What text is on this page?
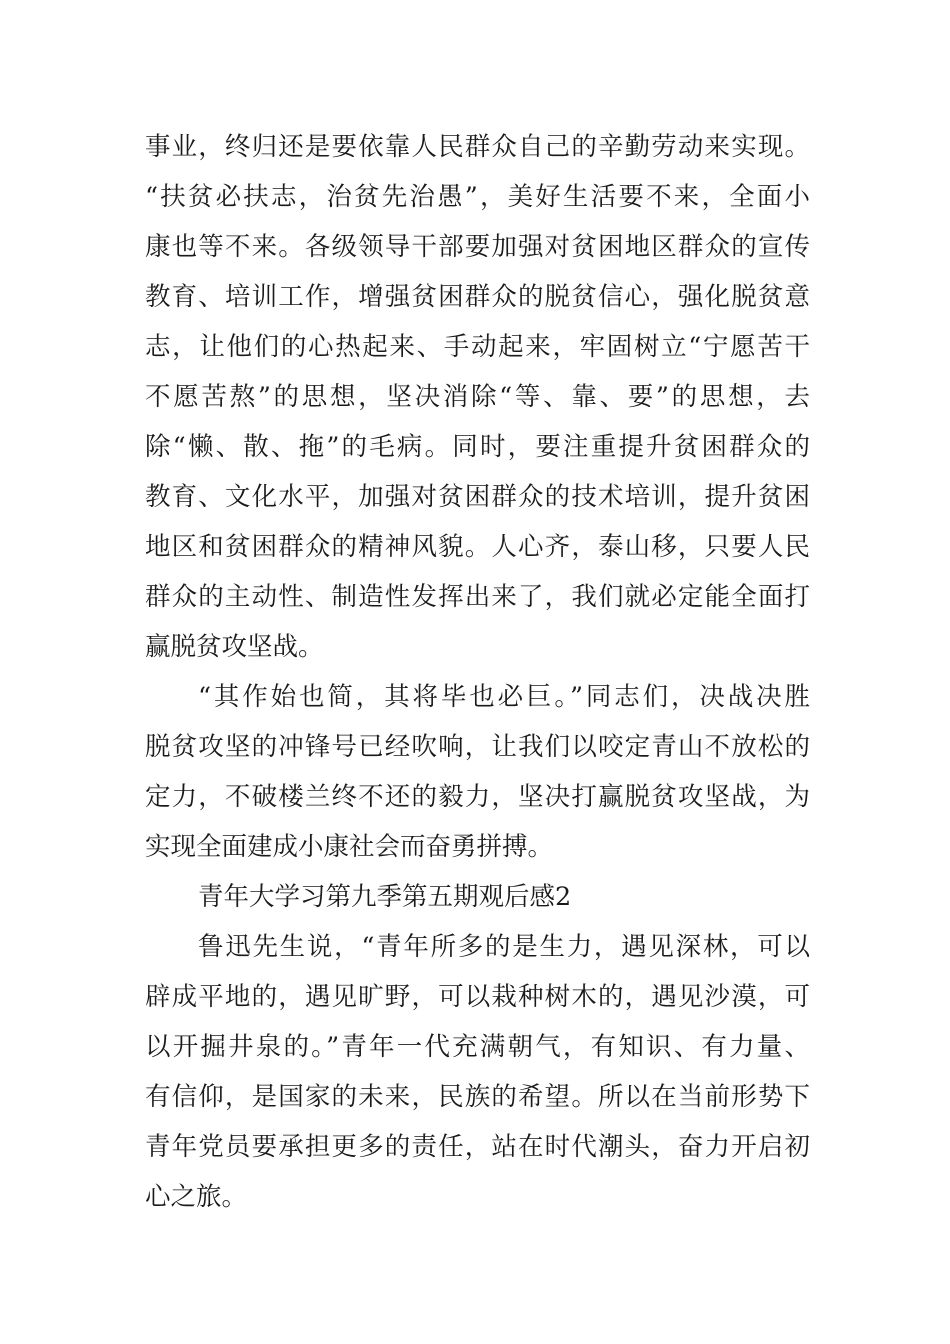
事业，终归还是要依靠人民群众自己的辛勤劳动来实现。
“扶贫必扶志，治贫先治愚”，美好生活要不来，全面小
康也等不来。各级领导干部要加强对贫困地区群众的宣传
教育、培训工作，增强贫困群众的脱贫信心，强化脱贫意
志，让他们的心热起来、手动起来，牢固树立“宁愿苦干
不愿苦熬”的思想，坚决消除“等、靠、要”的思想，去
除“懒、散、拖”的毛病。同时，要注重提升贫困群众的
教育、文化水平，加强对贫困群众的技术培训，提升贫困
地区和贫困群众的精神风貌。人心齐，泰山移，只要人民
群众的主动性、制造性发挥出来了，我们就必定能全面打
赢脱贫攻坚战。
“其作始也简，其将毕也必巨。”同志们，决战决胜
脱贫攻坚的冲锋号已经吹响，让我们以咬定青山不放松的
定力，不破楼兰终不还的毅力，坚决打赢脱贫攻坚战，为
实现全面建成小康社会而奋勇拼搏。
青年大学习第九季第五期观后感2
鲁迅先生说，“青年所多的是生力，遇见深林，可以
辟成平地的，遇见旷野，可以栽种树木的，遇见沙漠，可
以开掘井泉的。”青年一代充满朝气，有知识、有力量、
有信仰，是国家的未来，民族的希望。所以在当前形势下
青年党员要承担更多的责任，站在时代潮头，奋力开启初
心之旅。
